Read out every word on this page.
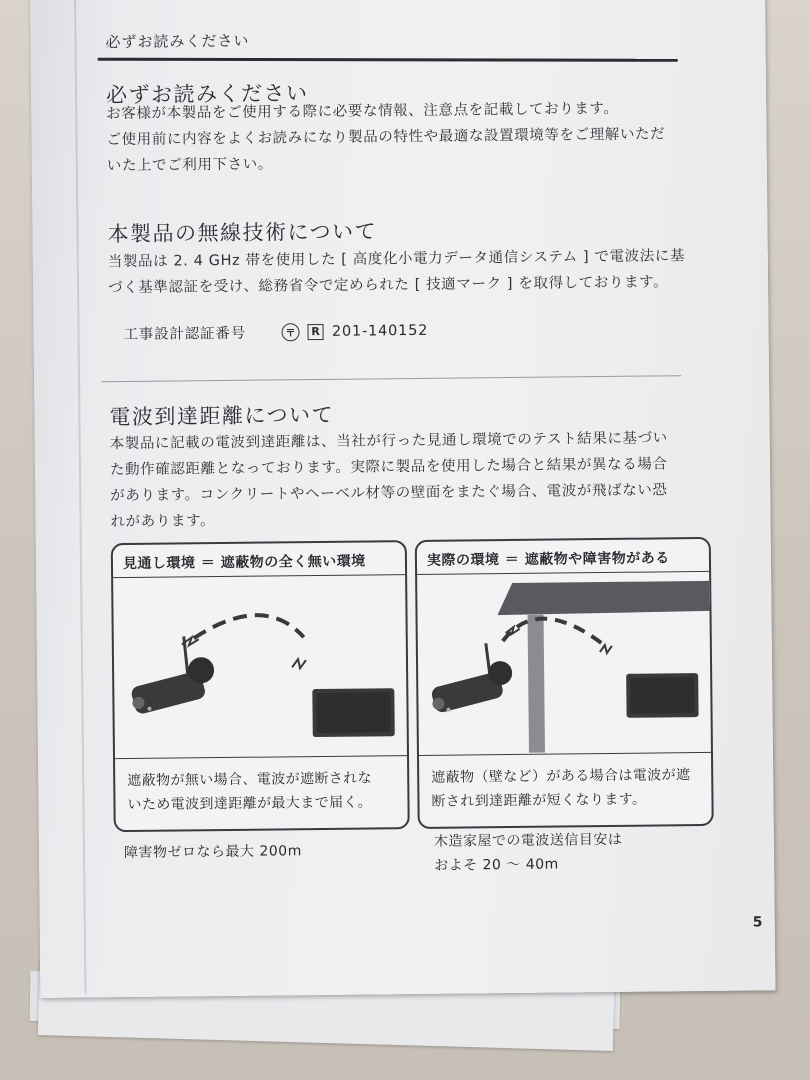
必ずお読みください
必ずお読みください
お客様が本製品をご使用する際に必要な情報、注意点を記載しております。
ご使用前に内容をよくお読みになり製品の特性や最適な設置環境等をご理解いただ
いた上でご利用下さい。
本製品の無線技術について
当製品は 2. 4 GHz 帯を使用した [ 高度化小電力データ通信システム ] で電波法に基
づく基準認証を受け、総務省令で定められた [ 技適マーク ] を取得しております。
工事設計認証番号	〒	R 201-140152
電波到達距離について
本製品に記載の電波到達距離は、当社が行った見通し環境でのテスト結果に基づい
た動作確認距離となっております。実際に製品を使用した場合と結果が異なる場合
があります。コンクリートやヘーベル材等の壁面をまたぐ場合、電波が飛ばない恐
れがあります。
見通し環境 ＝ 遮蔽物の全く無い環境
遮蔽物が無い場合、電波が遮断されな
いため電波到達距離が最大まで届く。
実際の環境 ＝ 遮蔽物や障害物がある
遮蔽物（壁など）がある場合は電波が遮
断され到達距離が短くなります。
障害物ゼロなら最大 200m
木造家屋での電波送信目安は
およそ 20 ～ 40m
5
